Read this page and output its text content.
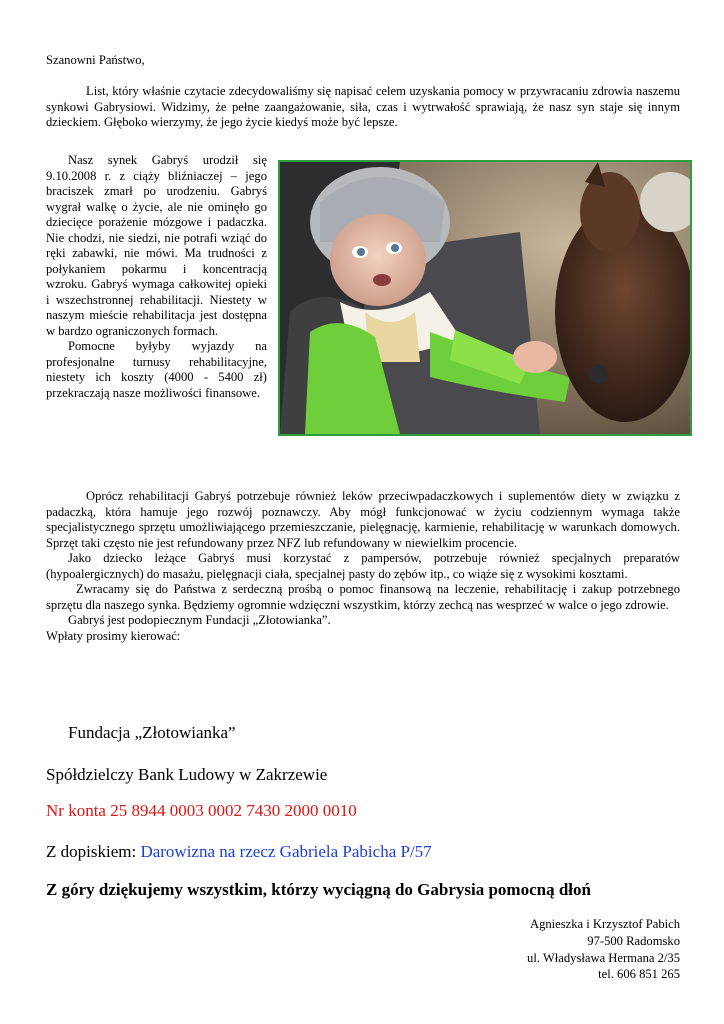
Szanowni Państwo,

List, który właśnie czytacie zdecydowaliśmy się napisać celem uzyskania pomocy w przywracaniu zdrowia naszemu synkowi Gabrysiowi. Widzimy, że pełne zaangażowanie, siła, czas i wytrwałość sprawiają, że nasz syn staje się innym dzieckiem. Głęboko wierzymy, że jego życie kiedyś może być lepsze.

Nasz synek Gabryś urodził się 9.10.2008 r. z ciąży bliźniaczej – jego braciszek zmarł po urodzeniu. Gabryś wygrał walkę o życie, ale nie ominęło go dziecięce porażenie mózgowe i padaczka. Nie chodzi, nie siedzi, nie potrafi wziąć do ręki zabawki, nie mówi. Ma trudności z połykaniem pokarmu i koncentracją wzroku. Gabryś wymaga całkowitej opieki i wszechstronnej rehabilitacji. Niestety w naszym mieście rehabilitacja jest dostępna w bardzo ograniczonych formach.

Pomocne byłyby wyjazdy na profesjonalne turnusy rehabilitacyjne, niestety ich koszty (4000 - 5400 zł) przekraczają nasze możliwości finansowe.

Oprócz rehabilitacji Gabryś potrzebuje również leków przeciwpadaczkowych i suplementów diety w związku z padaczką, która hamuje jego rozwój poznawczy. Aby mógł funkcjonować w życiu codziennym wymaga także specjalistycznego sprzętu umożliwiającego przemieszczanie, pielęgnację, karmienie, rehabilitację w warunkach domowych. Sprzęt taki często nie jest refundowany przez NFZ lub refundowany w niewielkim procencie.

Jako dziecko leżące Gabryś musi korzystać z pampersów, potrzebuje również specjalnych preparatów (hypoalergicznych) do masażu, pielęgnacji ciała, specjalnej pasty do zębów itp., co wiąże się z wysokimi kosztami.

Zwracamy się do Państwa z serdeczną prośbą o pomoc finansową na leczenie, rehabilitację i zakup potrzebnego sprzętu dla naszego synka. Będziemy ogromnie wdzięczni wszystkim, którzy zechcą nas wesprzeć w walce o jego zdrowie.

Gabryś jest podopiecznym Fundacji „Złotowianka”.

Wpłaty prosimy kierować:

Fundacja „Złotowianka”

Spółdzielczy Bank Ludowy w Zakrzewie

Nr konta 25 8944 0003 0002 7430 2000 0010

Z dopiskiem: Darowizna na rzecz Gabriela Pabicha P/57

Z góry dziękujemy wszystkim, którzy wyciągną do Gabrysia pomocną dłoń
Agnieszka i Krzysztof Pabich
97-500 Radomsko
ul. Władysława Hermana 2/35
tel. 606 851 265
